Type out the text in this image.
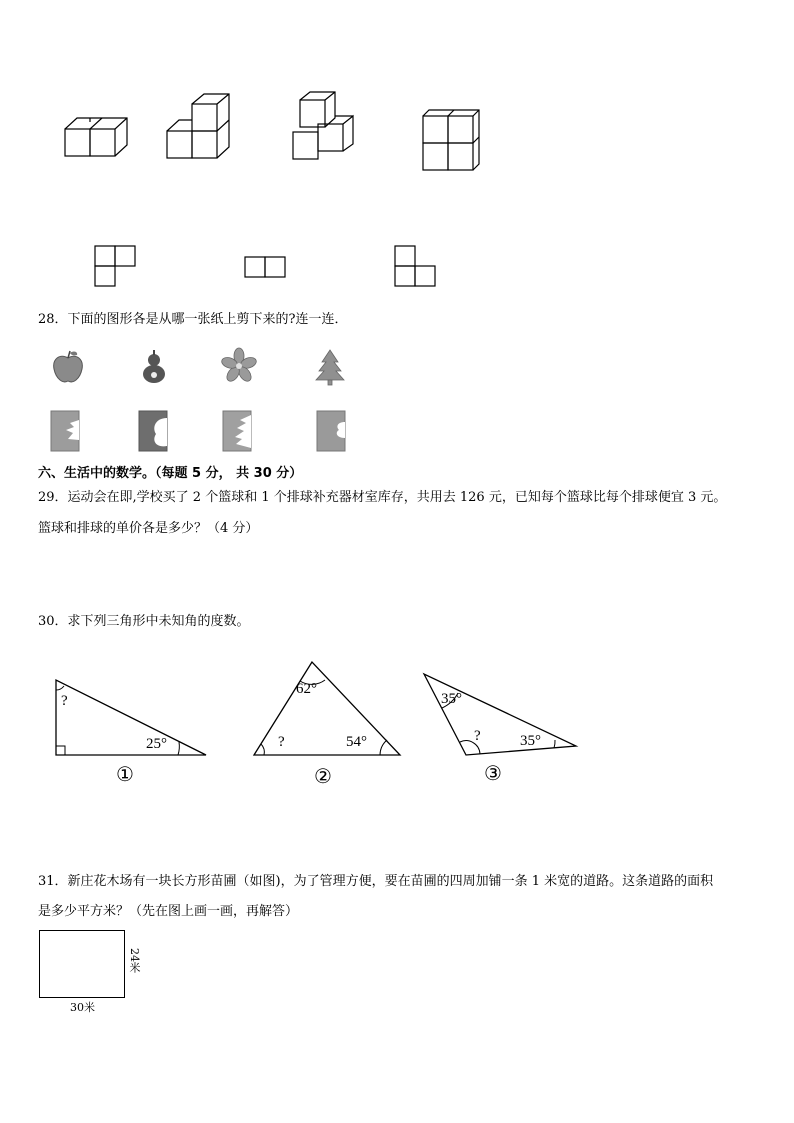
28．下面的图形各是从哪一张纸上剪下来的?连一连．
六、生活中的数学。（每题 5 分， 共 30 分）
29．运动会在即,学校买了 2 个篮球和 1 个排球补充器材室库存，共用去 126 元，已知每个篮球比每个排球便宜 3 元。
篮球和排球的单价各是多少？（4 分）
30．求下列三角形中未知角的度数。
?
25°
①
62°
?	54°
②
35°
?	35°
③
31．新庄花木场有一块长方形苗圃（如图)，为了管理方便，要在苗圃的四周加铺一条 1 米宽的道路。这条道路的面积
是多少平方米？（先在图上画一画，再解答）
24米
30米
